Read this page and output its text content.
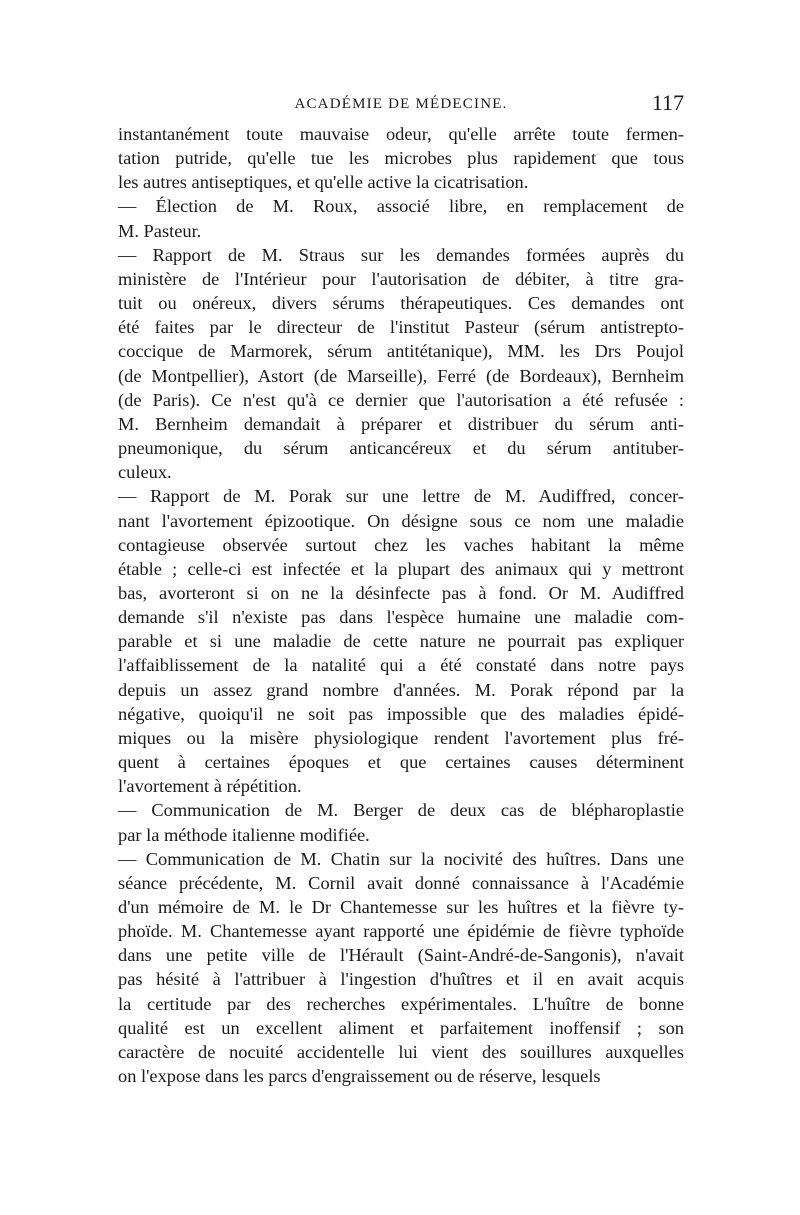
ACADÉMIE DE MÉDECINE.	117

instantanément toute mauvaise odeur, qu'elle arrête toute fermen-
tation putride, qu'elle tue les microbes plus rapidement que tous
les autres antiseptiques, et qu'elle active la cicatrisation.

— Élection de M. Roux, associé libre, en remplacement de
M. Pasteur.

— Rapport de M. Straus sur les demandes formées auprès du
ministère de l'Intérieur pour l'autorisation de débiter, à titre gra-
tuit ou onéreux, divers sérums thérapeutiques. Ces demandes ont
été faites par le directeur de l'institut Pasteur (sérum antistrepto-
coccique de Marmorek, sérum antitétanique), MM. les Drs Poujol
(de Montpellier), Astort (de Marseille), Ferré (de Bordeaux), Bernheim
(de Paris). Ce n'est qu'à ce dernier que l'autorisation a été refusée :
M. Bernheim demandait à préparer et distribuer du sérum anti-
pneumonique, du sérum anticancéreux et du sérum antituber-
culeux.

— Rapport de M. Porak sur une lettre de M. Audiffred, concer-
nant l'avortement épizootique. On désigne sous ce nom une maladie
contagieuse observée surtout chez les vaches habitant la même
étable ; celle-ci est infectée et la plupart des animaux qui y mettront
bas, avorteront si on ne la désinfecte pas à fond. Or M. Audiffred
demande s'il n'existe pas dans l'espèce humaine une maladie com-
parable et si une maladie de cette nature ne pourrait pas expliquer
l'affaiblissement de la natalité qui a été constaté dans notre pays
depuis un assez grand nombre d'années. M. Porak répond par la
négative, quoiqu'il ne soit pas impossible que des maladies épidé-
miques ou la misère physiologique rendent l'avortement plus fré-
quent à certaines époques et que certaines causes déterminent
l'avortement à répétition.

— Communication de M. Berger de deux cas de blépharoplastie
par la méthode italienne modifiée.

— Communication de M. Chatin sur la nocivité des huîtres. Dans une
séance précédente, M. Cornil avait donné connaissance à l'Académie
d'un mémoire de M. le Dr Chantemesse sur les huîtres et la fièvre ty-
phoïde. M. Chantemesse ayant rapporté une épidémie de fièvre typhoïde
dans une petite ville de l'Hérault (Saint-André-de-Sangonis), n'avait
pas hésité à l'attribuer à l'ingestion d'huîtres et il en avait acquis
la certitude par des recherches expérimentales. L'huître de bonne
qualité est un excellent aliment et parfaitement inoffensif ; son
caractère de nocuité accidentelle lui vient des souillures auxquelles
on l'expose dans les parcs d'engraissement ou de réserve, lesquels
